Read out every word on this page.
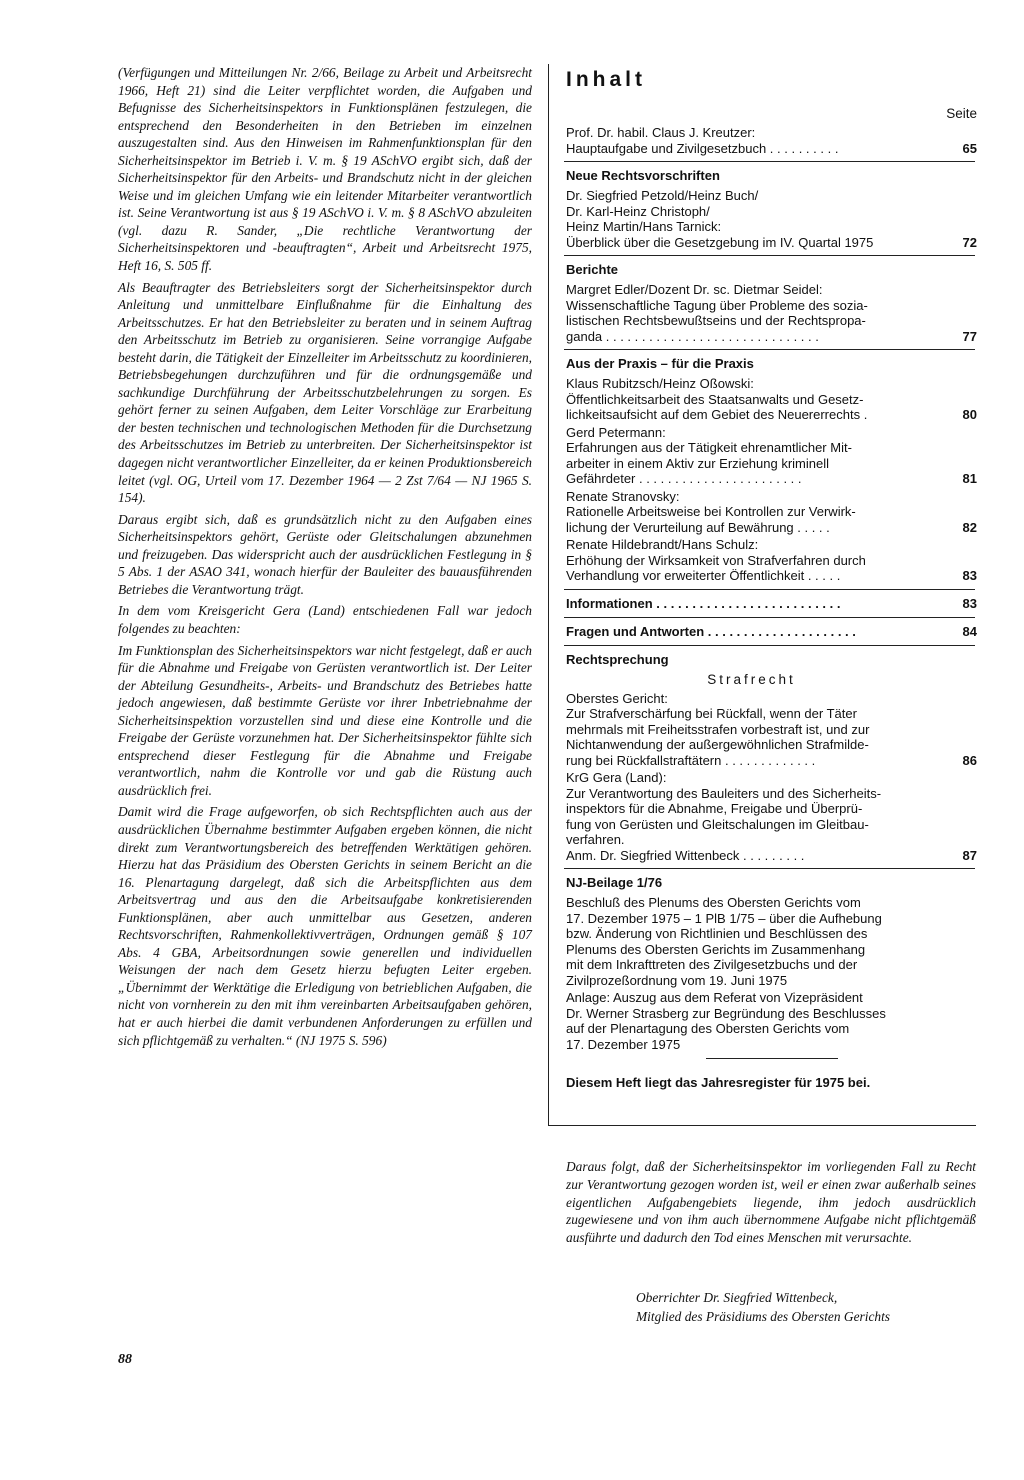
(Verfügungen und Mitteilungen Nr. 2/66, Beilage zu Arbeit und Arbeitsrecht 1966, Heft 21) sind die Leiter verpflichtet worden, die Aufgaben und Befugnisse des Sicherheitsinspektors in Funktionsplänen festzulegen, die entsprechend den Besonderheiten in den Betrieben im einzelnen auszugestalten sind. Aus den Hinweisen im Rahmenfunktionsplan für den Sicherheitsinspektor im Betrieb i. V. m. § 19 ASchVO ergibt sich, daß der Sicherheitsinspektor für den Arbeits- und Brandschutz nicht in der gleichen Weise und im gleichen Umfang wie ein leitender Mitarbeiter verantwortlich ist. Seine Verantwortung ist aus § 19 ASchVO i. V. m. § 8 ASchVO abzuleiten (vgl. dazu R. Sander, „Die rechtliche Verantwortung der Sicherheitsinspektoren und -beauftragten“, Arbeit und Arbeitsrecht 1975, Heft 16, S. 505 ff.

Als Beauftragter des Betriebsleiters sorgt der Sicherheitsinspektor durch Anleitung und unmittelbare Einflußnahme für die Einhaltung des Arbeitsschutzes. Er hat den Betriebsleiter zu beraten und in seinem Auftrag den Arbeitsschutz im Betrieb zu organisieren. Seine vorrangige Aufgabe besteht darin, die Tätigkeit der Einzelleiter im Arbeitsschutz zu koordinieren, Betriebsbegehungen durchzuführen und für die ordnungsgemäße und sachkundige Durchführung der Arbeitsschutzbelehrungen zu sorgen. Es gehört ferner zu seinen Aufgaben, dem Leiter Vorschläge zur Erarbeitung der besten technischen und technologischen Methoden für die Durchsetzung des Arbeitsschutzes im Betrieb zu unterbreiten. Der Sicherheitsinspektor ist dagegen nicht verantwortlicher Einzelleiter, da er keinen Produktionsbereich leitet (vgl. OG, Urteil vom 17. Dezember 1964 — 2 Zst 7/64 — NJ 1965 S. 154).

Daraus ergibt sich, daß es grundsätzlich nicht zu den Aufgaben eines Sicherheitsinspektors gehört, Gerüste oder Gleitschalungen abzunehmen und freizugeben. Das widerspricht auch der ausdrücklichen Festlegung in § 5 Abs. 1 der ASAO 341, wonach hierfür der Bauleiter des bauausführenden Betriebes die Verantwortung trägt.

In dem vom Kreisgericht Gera (Land) entschiedenen Fall war jedoch folgendes zu beachten:

Im Funktionsplan des Sicherheitsinspektors war nicht festgelegt, daß er auch für die Abnahme und Freigabe von Gerüsten verantwortlich ist. Der Leiter der Abteilung Gesundheits-, Arbeits- und Brandschutz des Betriebes hatte jedoch angewiesen, daß bestimmte Gerüste vor ihrer Inbetriebnahme der Sicherheitsinspektion vorzustellen sind und diese eine Kontrolle und die Freigabe der Gerüste vorzunehmen hat. Der Sicherheitsinspektor fühlte sich entsprechend dieser Festlegung für die Abnahme und Freigabe verantwortlich, nahm die Kontrolle vor und gab die Rüstung auch ausdrücklich frei.

Damit wird die Frage aufgeworfen, ob sich Rechtspflichten auch aus der ausdrücklichen Übernahme bestimmter Aufgaben ergeben können, die nicht direkt zum Verantwortungsbereich des betreffenden Werktätigen gehören. Hierzu hat das Präsidium des Obersten Gerichts in seinem Bericht an die 16. Plenartagung dargelegt, daß sich die Arbeitspflichten aus dem Arbeitsvertrag und aus den die Arbeitsaufgabe konkretisierenden Funktionsplänen, aber auch unmittelbar aus Gesetzen, anderen Rechtsvorschriften, Rahmenkollektivverträgen, Ordnungen gemäß § 107 Abs. 4 GBA, Arbeitsordnungen sowie generellen und individuellen Weisungen der nach dem Gesetz hierzu befugten Leiter ergeben. „Übernimmt der Werktätige die Erledigung von betrieblichen Aufgaben, die nicht von vornherein zu den mit ihm vereinbarten Arbeitsaufgaben gehören, hat er auch hierbei die damit verbundenen Anforderungen zu erfüllen und sich pflichtgemäß zu verhalten.“ (NJ 1975 S. 596)

88
Inhalt
Seite
Prof. Dr. habil. Claus J. Kreutzer:
Hauptaufgabe und Zivilgesetzbuch . . . . . . . . . .	65
Neue Rechtsvorschriften
Dr. Siegfried Petzold/Heinz Buch/
Dr. Karl-Heinz Christoph/
Heinz Martin/Hans Tarnick:
Überblick über die Gesetzgebung im IV. Quartal 1975	72
Berichte
Margret Edler/Dozent Dr. sc. Dietmar Seidel:
Wissenschaftliche Tagung über Probleme des sozia-
listischen Rechtsbewußtseins und der Rechtspropa-
ganda . . . . . . . . . . . . . . . . . . . . . . . . . . . . . .	77
Aus der Praxis – für die Praxis
Klaus Rubitzsch/Heinz Oßowski:
Öffentlichkeitsarbeit des Staatsanwalts und Gesetz-
lichkeitsaufsicht auf dem Gebiet des Neuererrechts .	80
Gerd Petermann:
Erfahrungen aus der Tätigkeit ehrenamtlicher Mit-
arbeiter in einem Aktiv zur Erziehung kriminell
Gefährdeter . . . . . . . . . . . . . . . . . . . . . . .	81
Renate Stranovsky:
Rationelle Arbeitsweise bei Kontrollen zur Verwirk-
lichung der Verurteilung auf Bewährung . . . . .	82
Renate Hildebrandt/Hans Schulz:
Erhöhung der Wirksamkeit von Strafverfahren durch
Verhandlung vor erweiterter Öffentlichkeit . . . . .	83
Informationen . . . . . . . . . . . . . . . . . . . . . . . . . .	83
Fragen und Antworten . . . . . . . . . . . . . . . . . . . . .	84
Rechtsprechung
Strafrecht
Oberstes Gericht:
Zur Strafverschärfung bei Rückfall, wenn der Täter
mehrmals mit Freiheitsstrafen vorbestraft ist, und zur
Nichtanwendung der außergewöhnlichen Strafmilde-
rung bei Rückfallstraftätern . . . . . . . . . . . . .	86
KrG Gera (Land):
Zur Verantwortung des Bauleiters und des Sicherheits-
inspektors für die Abnahme, Freigabe und Überprü-
fung von Gerüsten und Gleitschalungen im Gleitbau-
verfahren.
Anm. Dr. Siegfried Wittenbeck . . . . . . . . .	87
NJ-Beilage 1/76
Beschluß des Plenums des Obersten Gerichts vom
17. Dezember 1975 – 1 PlB 1/75 – über die Aufhebung
bzw. Änderung von Richtlinien und Beschlüssen des
Plenums des Obersten Gerichts im Zusammenhang
mit dem Inkrafttreten des Zivilgesetzbuchs und der
Zivilprozeßordnung vom 19. Juni 1975
Anlage: Auszug aus dem Referat von Vizepräsident
Dr. Werner Strasberg zur Begründung des Beschlusses
auf der Plenartagung des Obersten Gerichts vom
17. Dezember 1975
Diesem Heft liegt das Jahresregister für 1975 bei.
Daraus folgt, daß der Sicherheitsinspektor im vorliegenden Fall zu Recht zur Verantwortung gezogen worden ist, weil er einen zwar außerhalb seines eigentlichen Aufgabengebiets liegende, ihm jedoch ausdrücklich zugewiesene und von ihm auch übernommene Aufgabe nicht pflichtgemäß ausführte und dadurch den Tod eines Menschen mit verursachte.
Oberrichter Dr. Siegfried Wittenbeck,
Mitglied des Präsidiums des Obersten Gerichts
